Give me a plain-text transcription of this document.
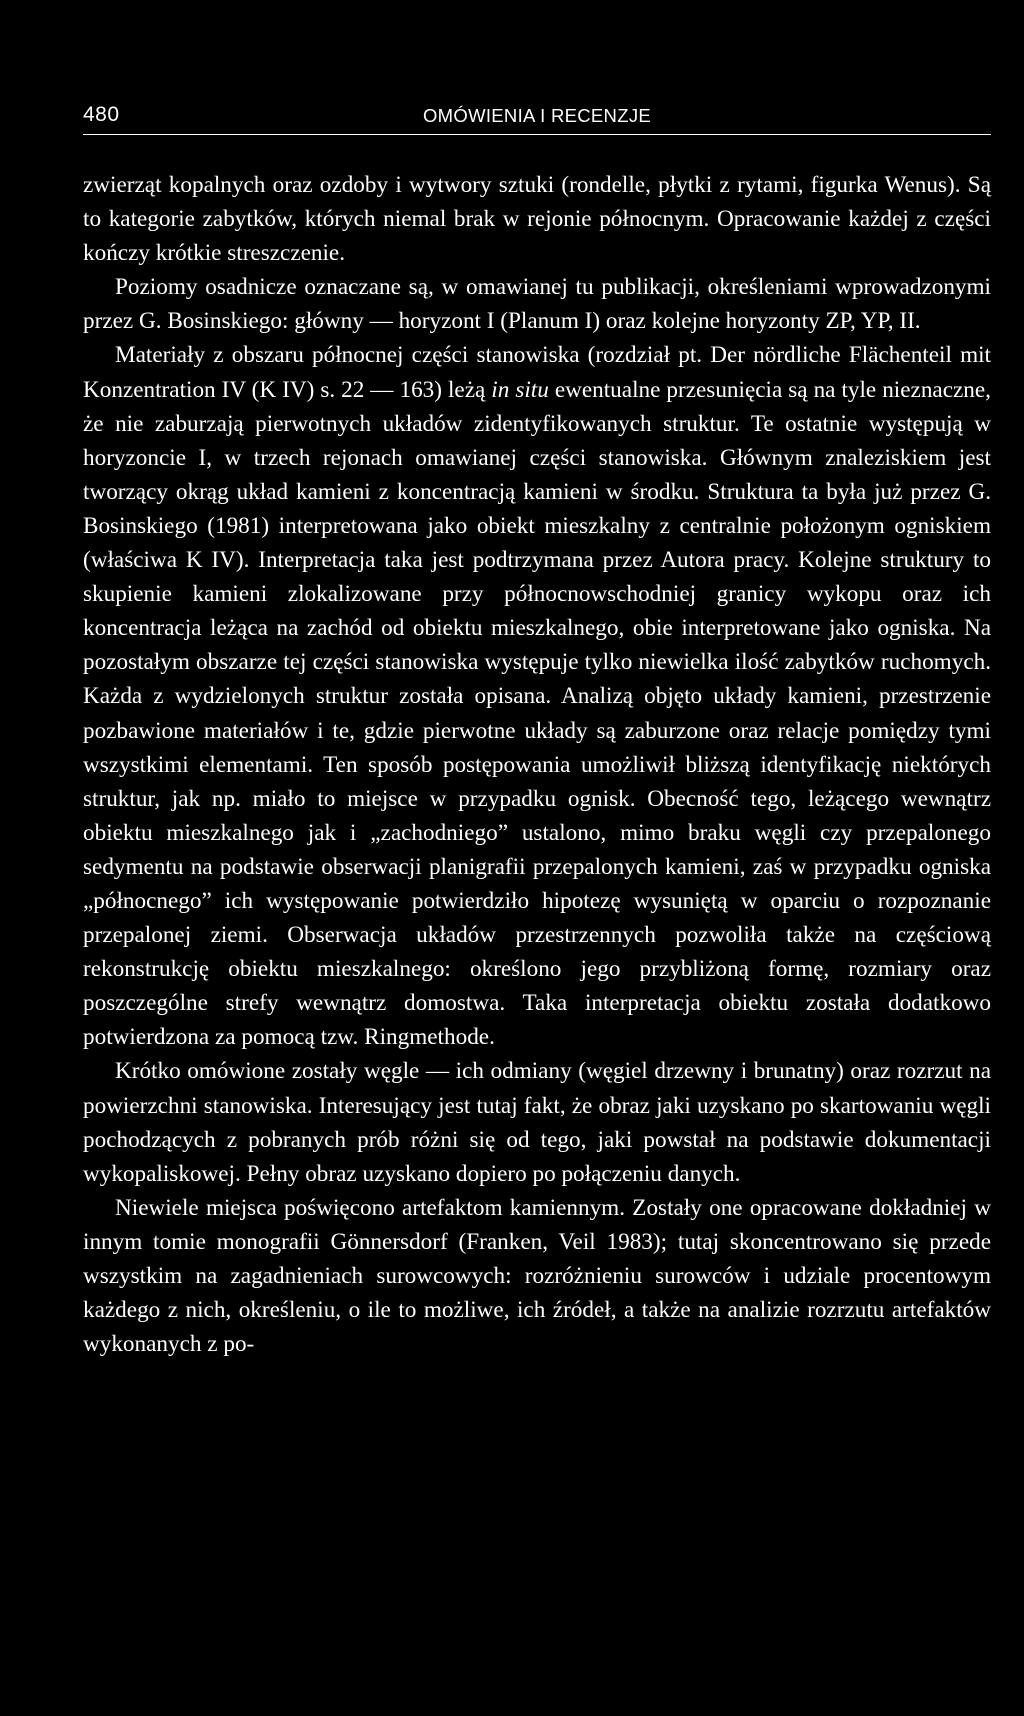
480	OMÓWIENIA I RECENZJE

zwierząt kopalnych oraz ozdoby i wytwory sztuki (rondelle, płytki z rytami, figurka Wenus). Są to kategorie zabytków, których niemal brak w rejonie północnym. Opracowanie każdej z części kończy krótkie streszczenie.

Poziomy osadnicze oznaczane są, w omawianej tu publikacji, określeniami wprowadzonymi przez G. Bosinskiego: główny — horyzont I (Planum I) oraz kolejne horyzonty ZP, YP, II.

Materiały z obszaru północnej części stanowiska (rozdział pt. Der nördliche Flächenteil mit Konzentration IV (K IV) s. 22 — 163) leżą in situ ewentualne przesunięcia są na tyle nieznaczne, że nie zaburzają pierwotnych układów zidentyfikowanych struktur. Te ostatnie występują w horyzoncie I, w trzech rejonach omawianej części stanowiska. Głównym znaleziskiem jest tworzący okrąg układ kamieni z koncentracją kamieni w środku. Struktura ta była już przez G. Bosinskiego (1981) interpretowana jako obiekt mieszkalny z centralnie położonym ogniskiem (właściwa K IV). Interpretacja taka jest podtrzymana przez Autora pracy. Kolejne struktury to skupienie kamieni zlokalizowane przy północnowschodniej granicy wykopu oraz ich koncentracja leżąca na zachód od obiektu mieszkalnego, obie interpretowane jako ogniska. Na pozostałym obszarze tej części stanowiska występuje tylko niewielka ilość zabytków ruchomych. Każda z wydzielonych struktur została opisana. Analizą objęto układy kamieni, przestrzenie pozbawione materiałów i te, gdzie pierwotne układy są zaburzone oraz relacje pomiędzy tymi wszystkimi elementami. Ten sposób postępowania umożliwił bliższą identyfikację niektórych struktur, jak np. miało to miejsce w przypadku ognisk. Obecność tego, leżącego wewnątrz obiektu mieszkalnego jak i „zachodniego” ustalono, mimo braku węgli czy przepalonego sedymentu na podstawie obserwacji planigrafii przepalonych kamieni, zaś w przypadku ogniska „północnego” ich występowanie potwierdziło hipotezę wysuniętą w oparciu o rozpoznanie przepalonej ziemi. Obserwacja układów przestrzennych pozwoliła także na częściową rekonstrukcję obiektu mieszkalnego: określono jego przybliżoną formę, rozmiary oraz poszczególne strefy wewnątrz domostwa. Taka interpretacja obiektu została dodatkowo potwierdzona za pomocą tzw. Ringmethode.

Krótko omówione zostały węgle — ich odmiany (węgiel drzewny i brunatny) oraz rozrzut na powierzchni stanowiska. Interesujący jest tutaj fakt, że obraz jaki uzyskano po skartowaniu węgli pochodzących z pobranych prób różni się od tego, jaki powstał na podstawie dokumentacji wykopaliskowej. Pełny obraz uzyskano dopiero po połączeniu danych.

Niewiele miejsca poświęcono artefaktom kamiennym. Zostały one opracowane dokładniej w innym tomie monografii Gönnersdorf (Franken, Veil 1983); tutaj skoncentrowano się przede wszystkim na zagadnieniach surowcowych: rozróżnieniu surowców i udziale procentowym każdego z nich, określeniu, o ile to możliwe, ich źródeł, a także na analizie rozrzutu artefaktów wykonanych z po-
